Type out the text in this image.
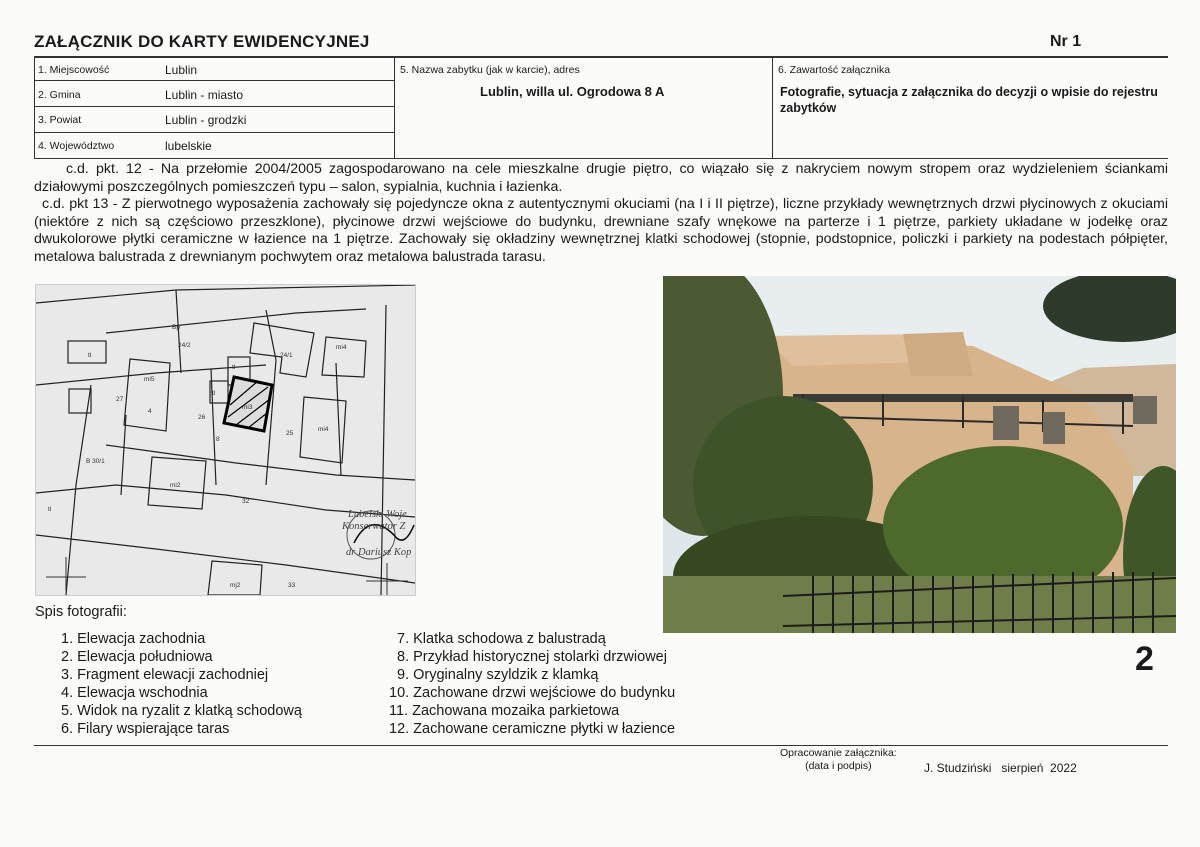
ZAŁĄCZNIK DO KARTY EWIDENCYJNEJ	Nr 1
1. Miejscowość	Lublin
2. Gmina	Lublin - miasto
3. Powiat	Lublin - grodzki
4. Województwo	lubelskie
5. Nazwa zabytku (jak w karcie), adres
Lublin, willa ul. Ogrodowa 8 A
6. Zawartość załącznika
Fotografie, sytuacja z załącznika do decyzji o wpisie do rejestru zabytków
c.d. pkt. 12 - Na przełomie 2004/2005 zagospodarowano na cele mieszkalne drugie piętro, co wiązało się z nakryciem nowym stropem oraz wydzieleniem ściankami działowymi poszczególnych pomieszczeń typu – salon, sypialnia, kuchnia i łazienka.
c.d. pkt 13 - Z pierwotnego wyposażenia zachowały się pojedyncze okna z autentycznymi okuciami (na I i II piętrze), liczne przykłady wewnętrznych drzwi płycinowych z okuciami (niektóre z nich są częściowo przeszklone), płycinowe drzwi wejściowe do budynku, drewniane szafy wnękowe na parterze i 1 piętrze, parkiety układane w jodełkę oraz dwukolorowe płytki ceramiczne w łazience na 1 piętrze. Zachowały się okładziny wewnętrznej klatki schodowej (stopnie, podstopnice, policzki i parkiety na podestach półpięter, metalowa balustrada z drewnianym pochwytem oraz metalowa balustrada tarasu.
24/2
24/1
Bp
mi5
mi4
mi3
mi4
mi2
mj2
27
26
25
32
33
B 30/1
tl
tl
tl
tl
4
8
Lubelski Woje
Konserwator Z
dr Dariusz Kop
Spis fotografii:
1. Elewacja zachodnia
2. Elewacja południowa
3. Fragment elewacji zachodniej
4. Elewacja wschodnia
5. Widok na ryzalit z klatką schodową
6. Filary wspierające taras
7. Klatka schodowa z balustradą
8. Przykład historycznej stolarki drzwiowej
9. Oryginalny szyldzik z klamką
10. Zachowane drzwi wejściowe do budynku
11. Zachowana mozaika parkietowa
12. Zachowane ceramiczne płytki w łazience
2
Opracowanie załącznika:
(data i podpis)	J. Studziński   sierpień  2022
